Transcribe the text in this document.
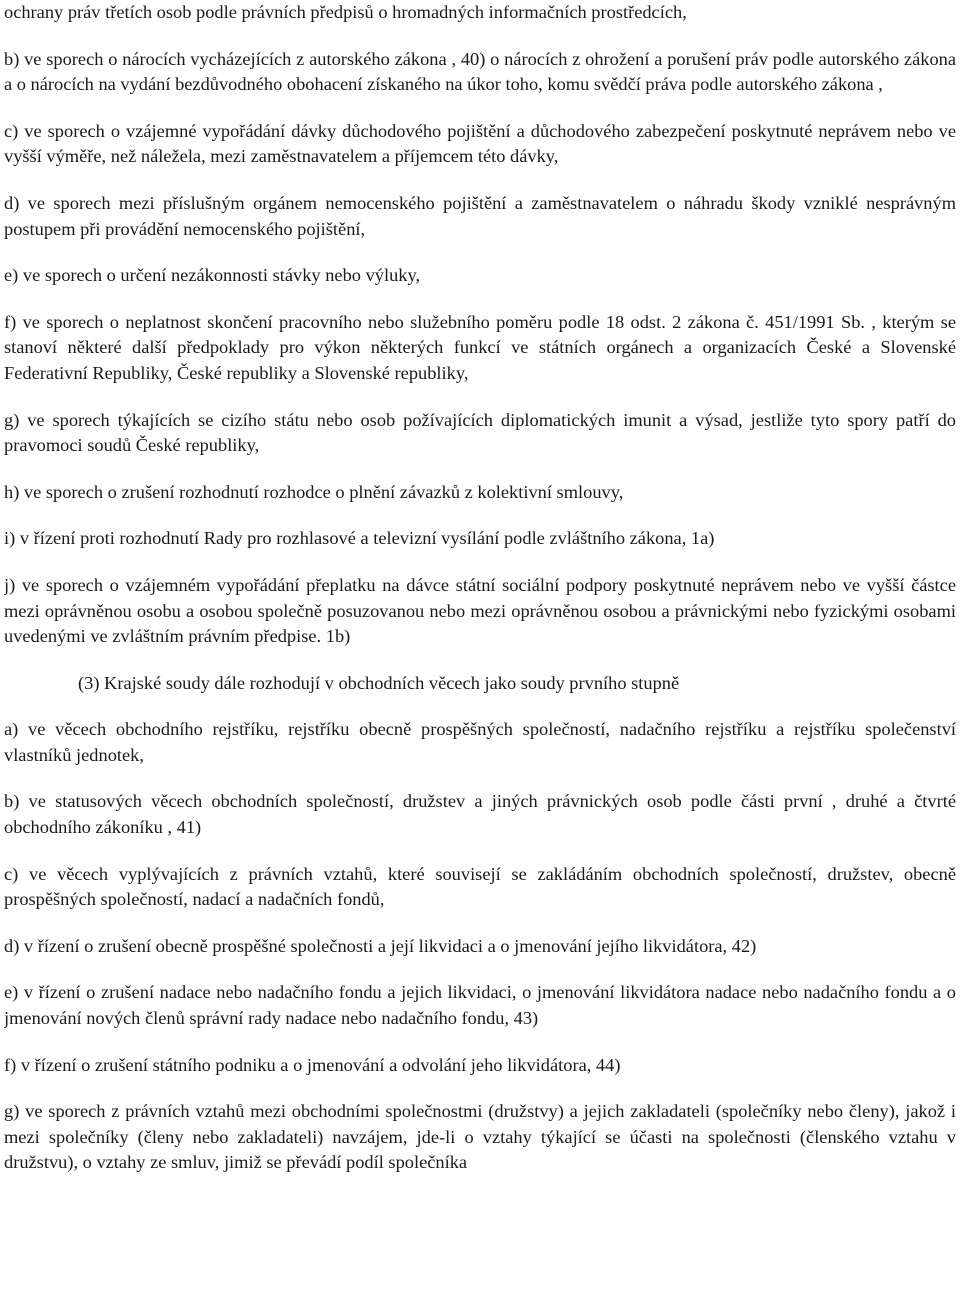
ochrany práv třetích osob podle právních předpisů o hromadných informačních prostředcích,

b) ve sporech o nárocích vycházejících z autorského zákona , 40) o nárocích z ohrožení a porušení práv podle autorského zákona a o nárocích na vydání bezdůvodného obohacení získaného na úkor toho, komu svědčí práva podle autorského zákona ,

c) ve sporech o vzájemné vypořádání dávky důchodového pojištění a důchodového zabezpečení poskytnuté neprávem nebo ve vyšší výměře, než náležela, mezi zaměstnavatelem a příjemcem této dávky,

d) ve sporech mezi příslušným orgánem nemocenského pojištění a zaměstnavatelem o náhradu škody vzniklé nesprávným postupem při provádění nemocenského pojištění,

e) ve sporech o určení nezákonnosti stávky nebo výluky,

f) ve sporech o neplatnost skončení pracovního nebo služebního poměru podle 18 odst. 2 zákona č. 451/1991 Sb. , kterým se stanoví některé další předpoklady pro výkon některých funkcí ve státních orgánech a organizacích České a Slovenské Federativní Republiky, České republiky a Slovenské republiky,

g) ve sporech týkajících se cizího státu nebo osob požívajících diplomatických imunit a výsad, jestliže tyto spory patří do pravomoci soudů České republiky,

h) ve sporech o zrušení rozhodnutí rozhodce o plnění závazků z kolektivní smlouvy,

i) v řízení proti rozhodnutí Rady pro rozhlasové a televizní vysílání podle zvláštního zákona, 1a)

j) ve sporech o vzájemném vypořádání přeplatku na dávce státní sociální podpory poskytnuté neprávem nebo ve vyšší částce mezi oprávněnou osobu a osobou společně posuzovanou nebo mezi oprávněnou osobou a právnickými nebo fyzickými osobami uvedenými ve zvláštním právním předpise. 1b)

(3) Krajské soudy dále rozhodují v obchodních věcech jako soudy prvního stupně

a) ve věcech obchodního rejstříku, rejstříku obecně prospěšných společností, nadačního rejstříku a rejstříku společenství vlastníků jednotek,

b) ve statusových věcech obchodních společností, družstev a jiných právnických osob podle části první , druhé a čtvrté obchodního zákoníku , 41)

c) ve věcech vyplývajících z právních vztahů, které souvisejí se zakládáním obchodních společností, družstev, obecně prospěšných společností, nadací a nadačních fondů,

d) v řízení o zrušení obecně prospěšné společnosti a její likvidaci a o jmenování jejího likvidátora, 42)

e) v řízení o zrušení nadace nebo nadačního fondu a jejich likvidaci, o jmenování likvidátora nadace nebo nadačního fondu a o jmenování nových členů správní rady nadace nebo nadačního fondu, 43)

f) v řízení o zrušení státního podniku a o jmenování a odvolání jeho likvidátora, 44)

g) ve sporech z právních vztahů mezi obchodními společnostmi (družstvy) a jejich zakladateli (společníky nebo členy), jakož i mezi společníky (členy nebo zakladateli) navzájem, jde-li o vztahy týkající se účasti na společnosti (členského vztahu v družstvu), o vztahy ze smluv, jimiž se převádí podíl společníka
